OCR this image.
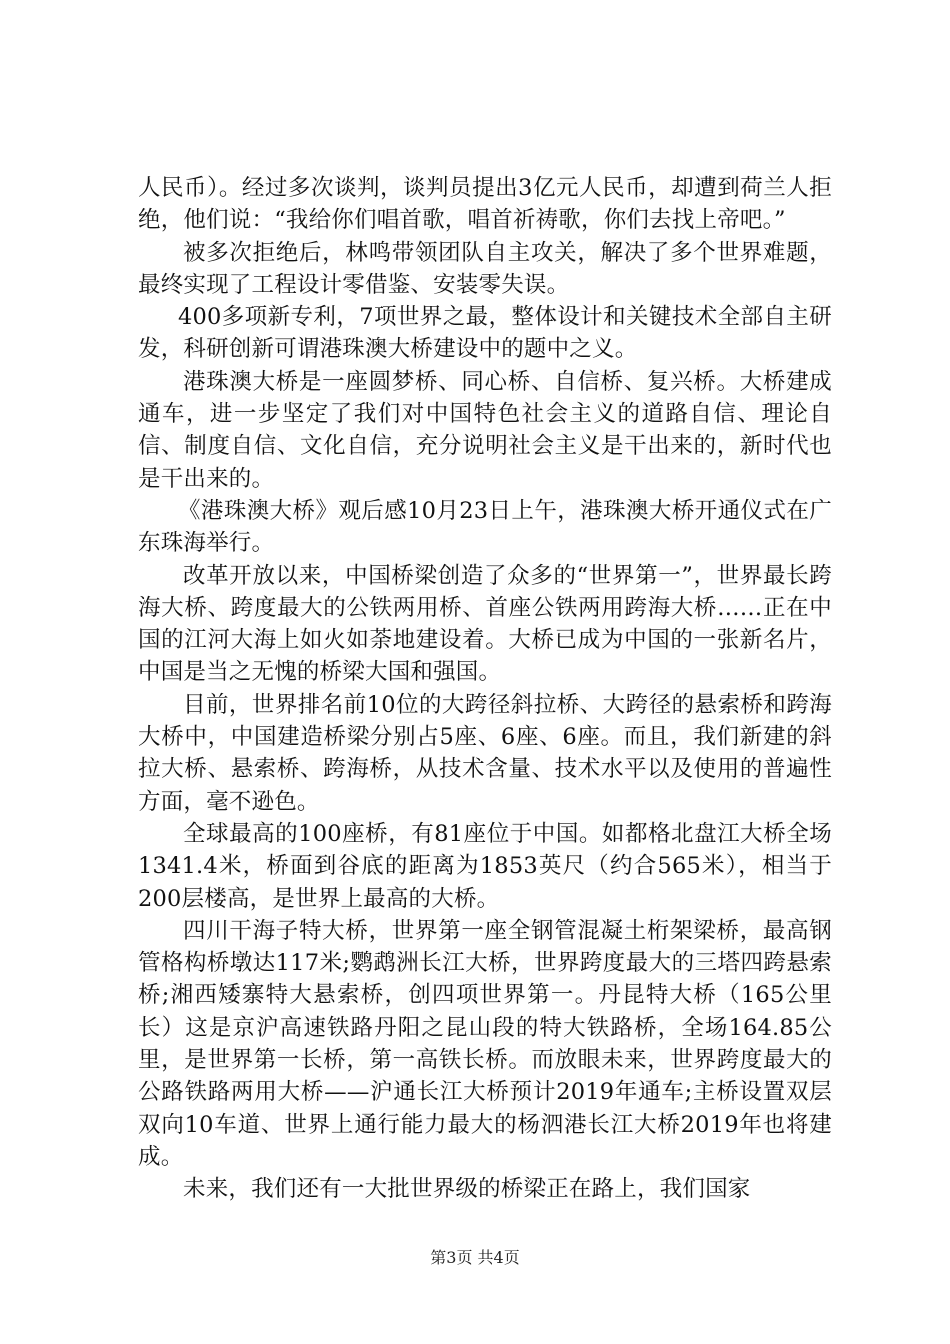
人民币）。经过多次谈判，谈判员提出3亿元人民币，却遭到荷兰人拒绝，他们说：“我给你们唱首歌，唱首祈祷歌，你们去找上帝吧。”

被多次拒绝后，林鸣带领团队自主攻关，解决了多个世界难题，最终实现了工程设计零借鉴、安装零失误。

400多项新专利，7项世界之最，整体设计和关键技术全部自主研发，科研创新可谓港珠澳大桥建设中的题中之义。

港珠澳大桥是一座圆梦桥、同心桥、自信桥、复兴桥。大桥建成通车，进一步坚定了我们对中国特色社会主义的道路自信、理论自信、制度自信、文化自信，充分说明社会主义是干出来的，新时代也是干出来的。

《港珠澳大桥》观后感10月23日上午，港珠澳大桥开通仪式在广东珠海举行。

改革开放以来，中国桥梁创造了众多的“世界第一”，世界最长跨海大桥、跨度最大的公铁两用桥、首座公铁两用跨海大桥……正在中国的江河大海上如火如荼地建设着。大桥已成为中国的一张新名片，中国是当之无愧的桥梁大国和强国。

目前，世界排名前10位的大跨径斜拉桥、大跨径的悬索桥和跨海大桥中，中国建造桥梁分别占5座、6座、6座。而且，我们新建的斜拉大桥、悬索桥、跨海桥，从技术含量、技术水平以及使用的普遍性方面，毫不逊色。

全球最高的100座桥，有81座位于中国。如都格北盘江大桥全场1341.4米，桥面到谷底的距离为1853英尺（约合565米），相当于200层楼高，是世界上最高的大桥。

四川干海子特大桥，世界第一座全钢管混凝土桁架梁桥，最高钢管格构桥墩达117米;鹦鹉洲长江大桥，世界跨度最大的三塔四跨悬索桥;湘西矮寨特大悬索桥，创四项世界第一。丹昆特大桥（165公里长）这是京沪高速铁路丹阳之昆山段的特大铁路桥，全场164.85公里，是世界第一长桥，第一高铁长桥。而放眼未来，世界跨度最大的公路铁路两用大桥——沪通长江大桥预计2019年通车;主桥设置双层双向10车道、世界上通行能力最大的杨泗港长江大桥2019年也将建成。

未来，我们还有一大批世界级的桥梁正在路上，我们国家

第3页 共4页
